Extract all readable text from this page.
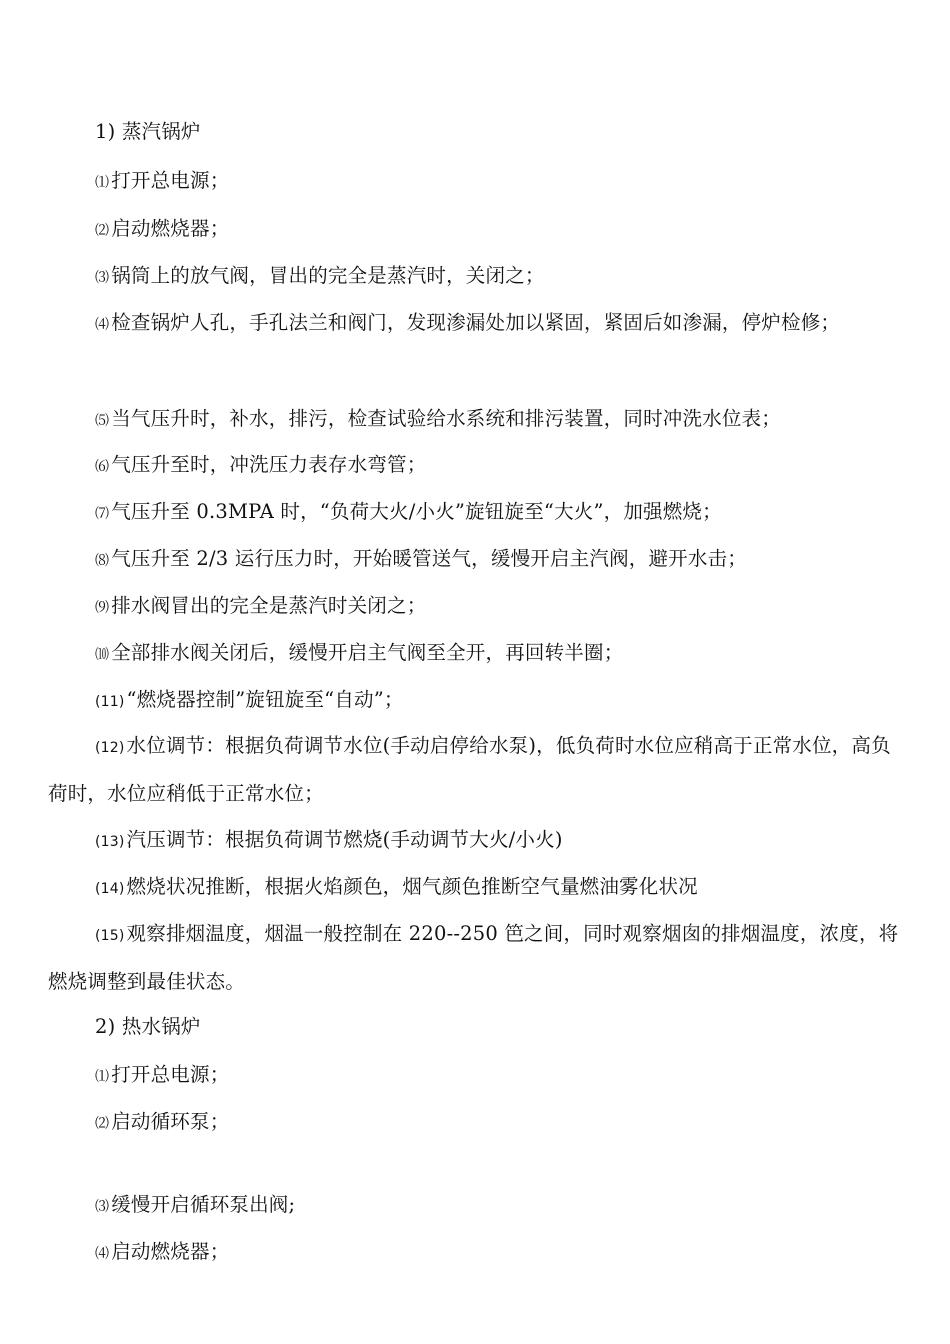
1) 蒸汽锅炉
⑴ 打开总电源；
⑵ 启动燃烧器；
⑶ 锅筒上的放气阀，冒出的完全是蒸汽时，关闭之；
⑷ 检查锅炉人孔，手孔法兰和阀门，发现渗漏处加以紧固，紧固后如渗漏，停炉检修；
⑸ 当气压升时，补水，排污，检查试验给水系统和排污装置，同时冲洗水位表；
⑹ 气压升至时，冲洗压力表存水弯管；
⑺ 气压升至 0.3MPA 时，“负荷大火/小火”旋钮旋至“大火”，加强燃烧；
⑻ 气压升至 2/3 运行压力时，开始暖管送气，缓慢开启主汽阀，避开水击；
⑼ 排水阀冒出的完全是蒸汽时关闭之；
⑽ 全部排水阀关闭后，缓慢开启主气阀至全开，再回转半圈；
(11) “燃烧器控制”旋钮旋至“自动”；
(12) 水位调节：根据负荷调节水位(手动启停给水泵)，低负荷时水位应稍高于正常水位，高负荷时，水位应稍低于正常水位；
(13) 汽压调节：根据负荷调节燃烧(手动调节大火/小火)
(14) 燃烧状况推断，根据火焰颜色，烟气颜色推断空气量燃油雾化状况
(15) 观察排烟温度，烟温一般控制在 220--250 笆之间，同时观察烟囱的排烟温度，浓度，将燃烧调整到最佳状态。
2) 热水锅炉
⑴ 打开总电源；
⑵ 启动循环泵；
⑶ 缓慢开启循环泵出阀;
⑷ 启动燃烧器；
